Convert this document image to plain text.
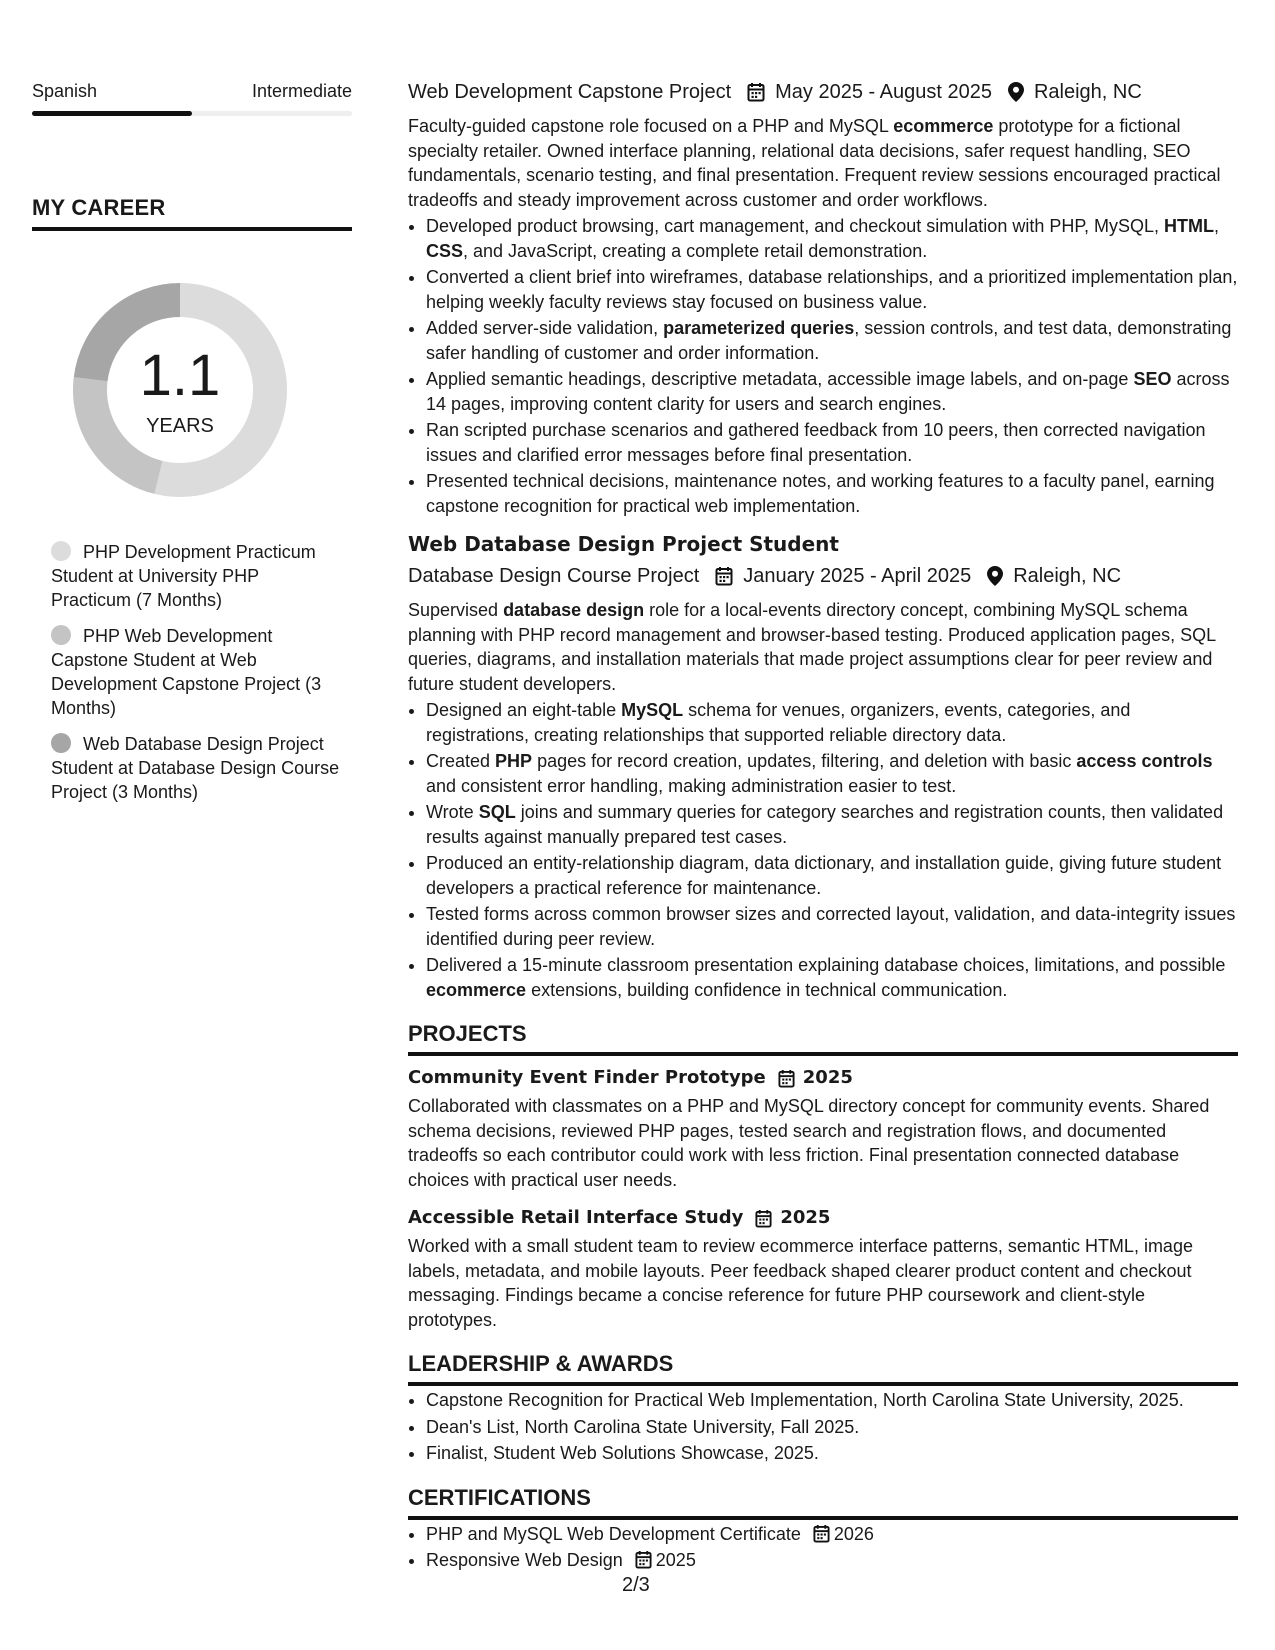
Spanish	Intermediate
MY CAREER
1.1
YEARS
PHP Development Practicum Student at University PHP Practicum (7 Months)
PHP Web Development Capstone Student at Web Development Capstone Project (3 Months)
Web Database Design Project Student at Database Design Course Project (3 Months)
Web Development Capstone Project May 2025 - August 2025 Raleigh, NC

Faculty-guided capstone role focused on a PHP and MySQL ecommerce prototype for a fictional specialty retailer. Owned interface planning, relational data decisions, safer request handling, SEO fundamentals, scenario testing, and final presentation. Frequent review sessions encouraged practical tradeoffs and steady improvement across customer and order workflows.

• Developed product browsing, cart management, and checkout simulation with PHP, MySQL, HTML, CSS, and JavaScript, creating a complete retail demonstration.
• Converted a client brief into wireframes, database relationships, and a prioritized implementation plan, helping weekly faculty reviews stay focused on business value.
• Added server-side validation, parameterized queries, session controls, and test data, demonstrating safer handling of customer and order information.
• Applied semantic headings, descriptive metadata, accessible image labels, and on-page SEO across 14 pages, improving content clarity for users and search engines.
• Ran scripted purchase scenarios and gathered feedback from 10 peers, then corrected navigation issues and clarified error messages before final presentation.
• Presented technical decisions, maintenance notes, and working features to a faculty panel, earning capstone recognition for practical web implementation.
Web Database Design Project Student
Database Design Course Project January 2025 - April 2025 Raleigh, NC

Supervised database design role for a local-events directory concept, combining MySQL schema planning with PHP record management and browser-based testing. Produced application pages, SQL queries, diagrams, and installation materials that made project assumptions clear for peer review and future student developers.

• Designed an eight-table MySQL schema for venues, organizers, events, categories, and registrations, creating relationships that supported reliable directory data.
• Created PHP pages for record creation, updates, filtering, and deletion with basic access controls and consistent error handling, making administration easier to test.
• Wrote SQL joins and summary queries for category searches and registration counts, then validated results against manually prepared test cases.
• Produced an entity-relationship diagram, data dictionary, and installation guide, giving future student developers a practical reference for maintenance.
• Tested forms across common browser sizes and corrected layout, validation, and data-integrity issues identified during peer review.
• Delivered a 15-minute classroom presentation explaining database choices, limitations, and possible ecommerce extensions, building confidence in technical communication.
PROJECTS
Community Event Finder Prototype 2025

Collaborated with classmates on a PHP and MySQL directory concept for community events. Shared schema decisions, reviewed PHP pages, tested search and registration flows, and documented tradeoffs so each contributor could work with less friction. Final presentation connected database choices with practical user needs.

Accessible Retail Interface Study 2025

Worked with a small student team to review ecommerce interface patterns, semantic HTML, image labels, metadata, and mobile layouts. Peer feedback shaped clearer product content and checkout messaging. Findings became a concise reference for future PHP coursework and client-style prototypes.

LEADERSHIP & AWARDS
• Capstone Recognition for Practical Web Implementation, North Carolina State University, 2025.
• Dean's List, North Carolina State University, Fall 2025.
• Finalist, Student Web Solutions Showcase, 2025.
CERTIFICATIONS
• PHP and MySQL Web Development Certificate 2026
• Responsive Web Design 2025
2/3
